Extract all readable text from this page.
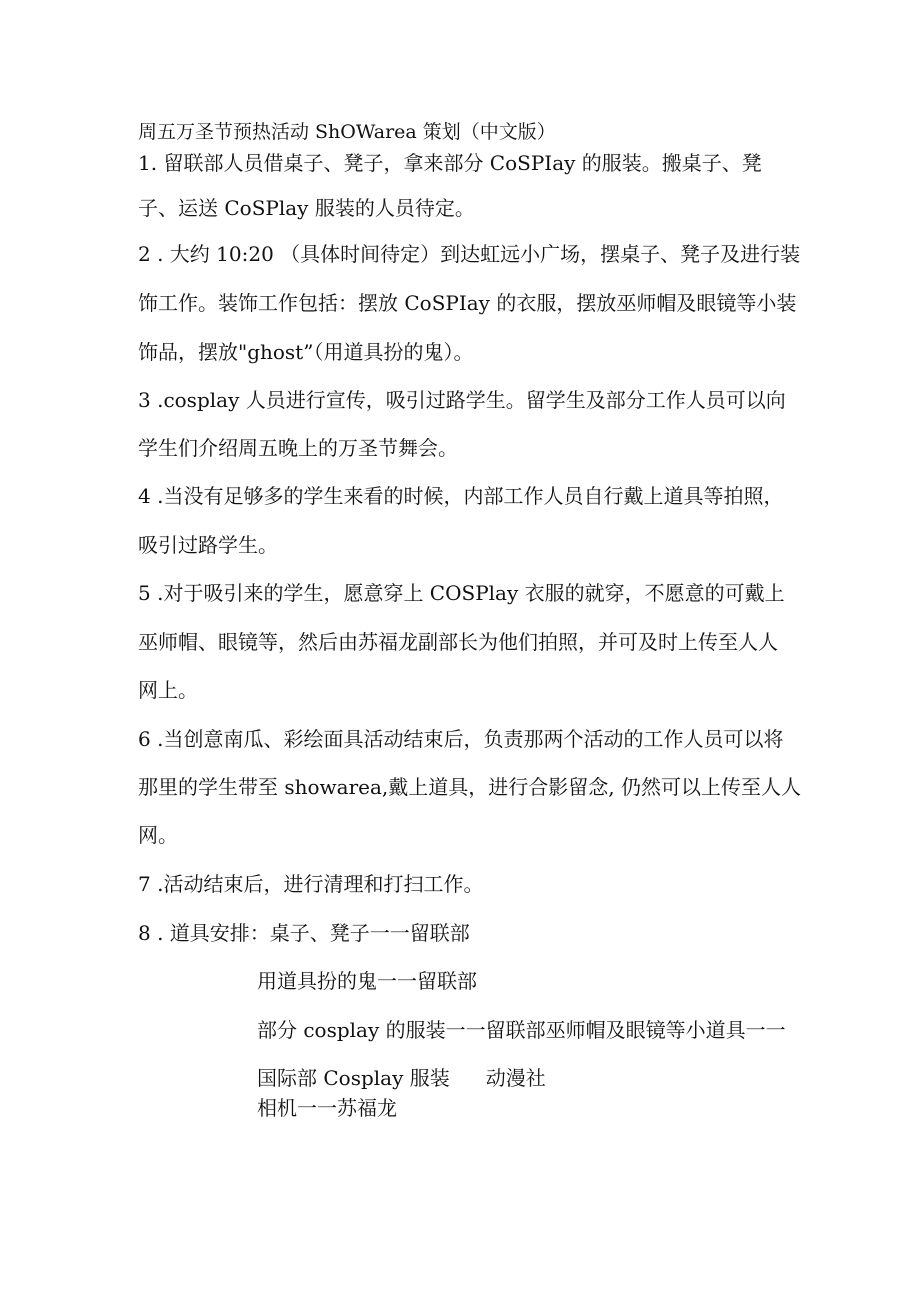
周五万圣节预热活动 ShOWarea 策划（中文版）
1. 留联部人员借桌子、凳子，拿来部分 CoSPIay 的服装。搬桌子、凳
子、运送 CoSPlay 服装的人员待定。
2 . 大约 10:20 （具体时间待定）到达虹远小广场，摆桌子、凳子及进行装
饰工作。装饰工作包括：摆放 CoSPIay 的衣服，摆放巫师帽及眼镜等小装
饰品，摆放"ghost”（用道具扮的鬼）。
3 .cosplay 人员进行宣传，吸引过路学生。留学生及部分工作人员可以向
学生们介绍周五晚上的万圣节舞会。
4 .当没有足够多的学生来看的时候，内部工作人员自行戴上道具等拍照，
吸引过路学生。
5 .对于吸引来的学生，愿意穿上 COSPlay 衣服的就穿，不愿意的可戴上
巫师帽、眼镜等，然后由苏福龙副部长为他们拍照，并可及时上传至人人
网上。
6 .当创意南瓜、彩绘面具活动结束后，负责那两个活动的工作人员可以将
那里的学生带至 showarea,戴上道具，进行合影留念, 仍然可以上传至人人
网。
7 .活动结束后，进行清理和打扫工作。
8 . 道具安排：桌子、凳子一一留联部
用道具扮的鬼一一留联部
部分 cosplay 的服装一一留联部巫师帽及眼镜等小道具一一
国际部 Cosplay 服装 动漫社
相机一一苏福龙
